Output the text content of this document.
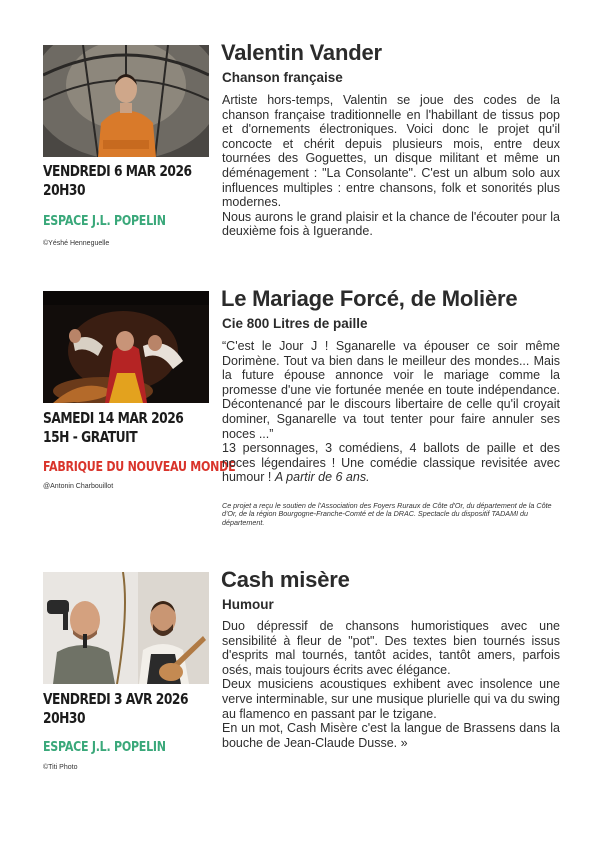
VENDREDI 6 MAR 2026
20H30
ESPACE J.L. POPELIN
©Yéshé Henneguelle
Valentin Vander
Chanson française

Artiste hors-temps, Valentin se joue des codes de la chanson française traditionnelle en l'habillant de tissus pop et d'ornements électroniques. Voici donc le projet qu'il concocte et chérit depuis plusieurs mois, entre deux tournées des Goguettes, un disque militant et même un déménagement : "La Consolante". C'est un album solo aux influences multiples : entre chansons, folk et sonorités plus modernes.

Nous aurons le grand plaisir et la chance de l'écouter pour la deuxième fois à Iguerande.

SAMEDI 14 MAR 2026
15H - GRATUIT
FABRIQUE DU NOUVEAU MONDE
@Antonin Charbouillot
Le Mariage Forcé, de Molière
Cie 800 Litres de paille

“C'est le Jour J ! Sganarelle va épouser ce soir même Dorimène. Tout va bien dans le meilleur des mondes... Mais la future épouse annonce voir le mariage comme la promesse d'une vie fortunée menée en toute indépendance. Décontenancé par le discours libertaire de celle qu'il croyait dominer, Sganarelle va tout tenter pour faire annuler ses noces ...”

13 personnages, 3 comédiens, 4 ballots de paille et des noces légendaires ! Une comédie classique revisitée avec humour ! A partir de 6 ans.

Ce projet a reçu le soutien de l'Association des Foyers Ruraux de Côte d'Or, du département de la Côte d'Or, de la région Bourgogne-Franche-Comté et de la DRAC. Spectacle du dispositif TADAMI du département.
VENDREDI 3 AVR 2026
20H30
ESPACE J.L. POPELIN
©Titi Photo
Cash misère
Humour

Duo dépressif de chansons humoristiques avec une sensibilité à fleur de "pot". Des textes bien tournés issus d'esprits mal tournés, tantôt acides, tantôt amers, parfois osés, mais toujours écrits avec élégance.

Deux musiciens acoustiques exhibent avec insolence une verve interminable, sur une musique plurielle qui va du swing au flamenco en passant par le tzigane.

En un mot, Cash Misère c'est la langue de Brassens dans la bouche de Jean-Claude Dusse. »
